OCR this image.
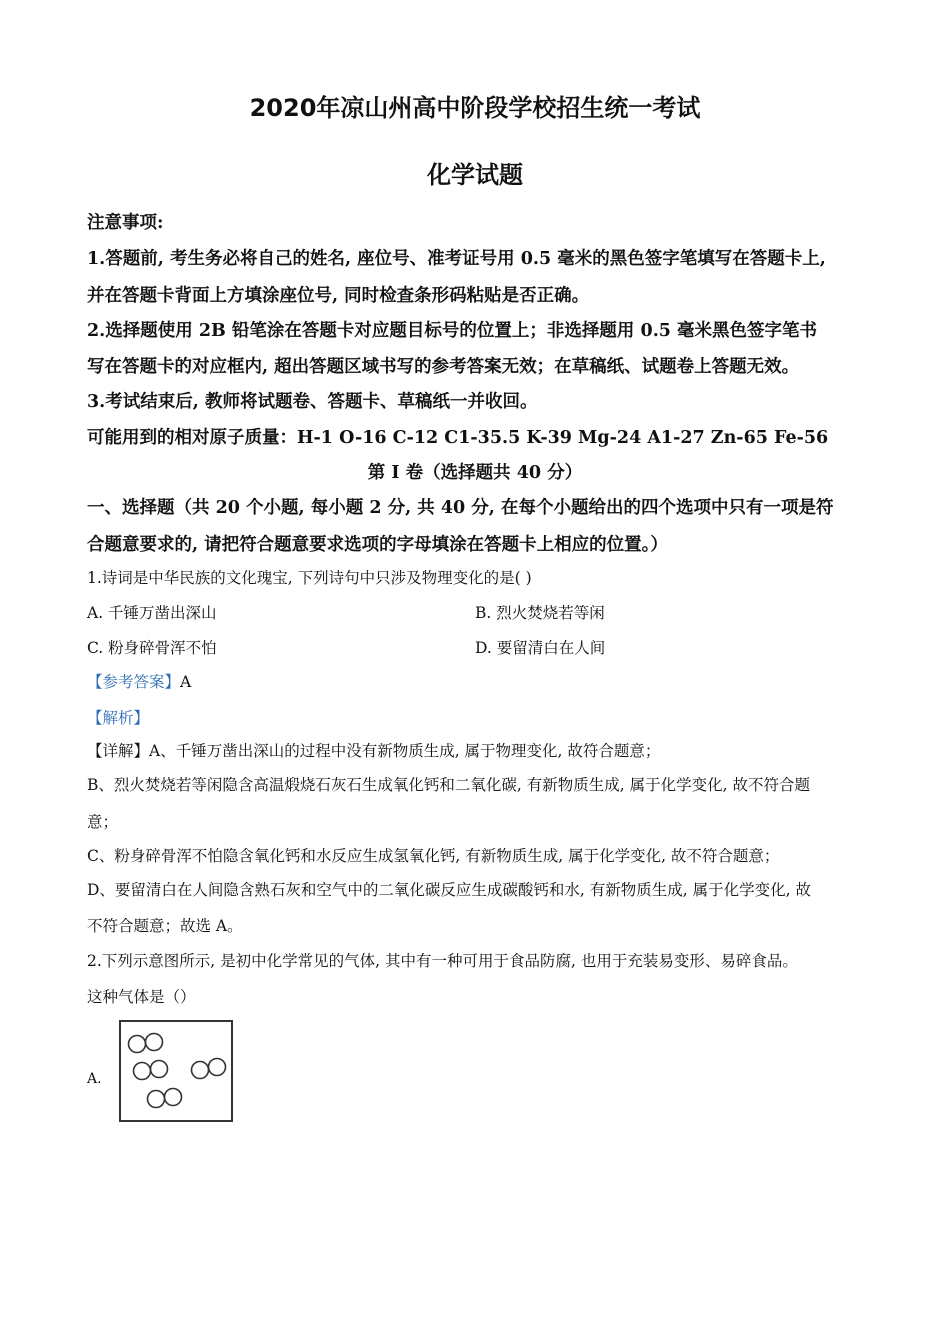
2020年凉山州高中阶段学校招生统一考试
化学试题
注意事项:
1.答题前, 考生务必将自己的姓名, 座位号、准考证号用 0.5 毫米的黑色签字笔填写在答题卡上,
并在答题卡背面上方填涂座位号, 同时检查条形码粘贴是否正确。
2.选择题使用 2B 铅笔涂在答题卡对应题目标号的位置上；非选择题用 0.5 毫米黑色签字笔书
写在答题卡的对应框内, 超出答题区域书写的参考答案无效；在草稿纸、试题卷上答题无效。
3.考试结束后, 教师将试题卷、答题卡、草稿纸一并收回。
可能用到的相对原子质量：H-1 O-16 C-12 C1-35.5 K-39 Mg-24 A1-27 Zn-65 Fe-56
第 I 卷（选择题共 40 分）
一、选择题（共 20 个小题, 每小题 2 分, 共 40 分, 在每个小题给出的四个选项中只有一项是符
合题意要求的, 请把符合题意要求选项的字母填涂在答题卡上相应的位置。）
1.诗词是中华民族的文化瑰宝, 下列诗句中只涉及物理变化的是( )
A. 千锤万凿出深山	B. 烈火焚烧若等闲
C. 粉身碎骨浑不怕	D. 要留清白在人间
【参考答案】A
【解析】
【详解】A、千锤万凿出深山的过程中没有新物质生成, 属于物理变化, 故符合题意；
B、烈火焚烧若等闲隐含高温煅烧石灰石生成氧化钙和二氧化碳, 有新物质生成, 属于化学变化, 故不符合题
意；
C、粉身碎骨浑不怕隐含氧化钙和水反应生成氢氧化钙, 有新物质生成, 属于化学变化, 故不符合题意；
D、要留清白在人间隐含熟石灰和空气中的二氧化碳反应生成碳酸钙和水, 有新物质生成, 属于化学变化, 故
不符合题意；故选 A。
2.下列示意图所示, 是初中化学常见的气体, 其中有一种可用于食品防腐, 也用于充装易变形、易碎食品。
这种气体是（）
A.
